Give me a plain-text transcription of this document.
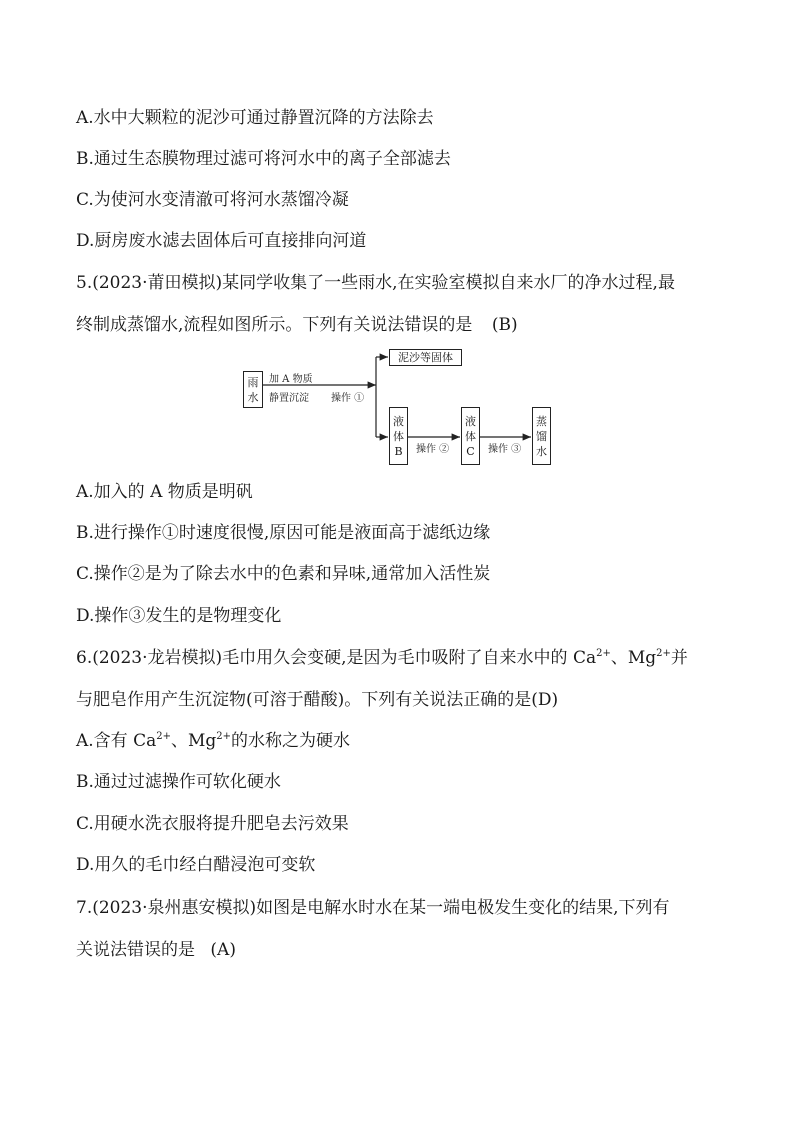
A.水中大颗粒的泥沙可通过静置沉降的方法除去
B.通过生态膜物理过滤可将河水中的离子全部滤去
C.为使河水变清澈可将河水蒸馏冷凝
D.厨房废水滤去固体后可直接排向河道
5.(2023·莆田模拟)某同学收集了一些雨水,在实验室模拟自来水厂的净水过程,最
终制成蒸馏水,流程如图所示。下列有关说法错误的是 (B)
雨
水
加 A 物质
静置沉淀 操作 ①
泥沙等固体
液
体
B 操作 ②
液
体
C 操作 ③
蒸
馏
水
A.加入的 A 物质是明矾
B.进行操作①时速度很慢,原因可能是液面高于滤纸边缘
C.操作②是为了除去水中的色素和异味,通常加入活性炭
D.操作③发生的是物理变化
6.(2023·龙岩模拟)毛巾用久会变硬,是因为毛巾吸附了自来水中的 $Ca^{2+}$、$Mg^{2+}$并
与肥皂作用产生沉淀物(可溶于醋酸)。下列有关说法正确的是(D)
A.含有 $Ca^{2+}$、$Mg^{2+}$的水称之为硬水
B.通过过滤操作可软化硬水
C.用硬水洗衣服将提升肥皂去污效果
D.用久的毛巾经白醋浸泡可变软
7.(2023·泉州惠安模拟)如图是电解水时水在某一端电极发生变化的结果,下列有
关说法错误的是 (A)
